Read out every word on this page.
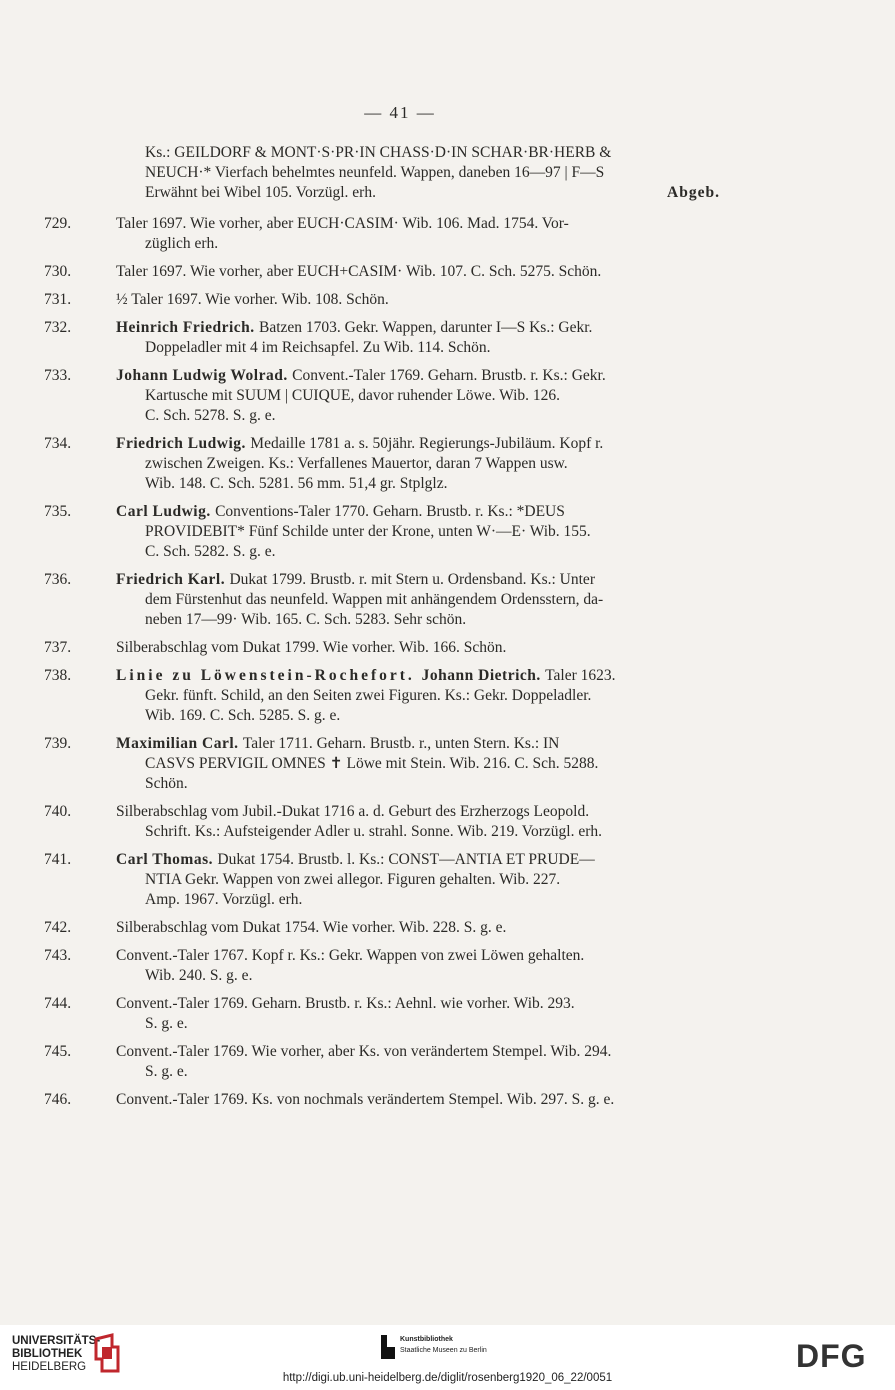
— 41 —
Ks.: GEILDORF & MONT·S·PR·IN CHASS·D·IN SCHAR·BR·HERB &
NEUCH·* Vierfach behelmtes neunfeld. Wappen, daneben 16—97 | F—S
Abgeb.
Erwähnt bei Wibel 105. Vorzügl. erh.
729.	Taler 1697. Wie vorher, aber EUCH·CASIM· Wib. 106. Mad. 1754. Vor-
züglich erh.
730.	Taler 1697. Wie vorher, aber EUCH+CASIM· Wib. 107. C. Sch. 5275. Schön.
731.	½ Taler 1697. Wie vorher. Wib. 108. Schön.
732.	Heinrich Friedrich. Batzen 1703. Gekr. Wappen, darunter I—S Ks.: Gekr.
Doppeladler mit 4 im Reichsapfel. Zu Wib. 114. Schön.
733.	Johann Ludwig Wolrad. Convent.-Taler 1769. Geharn. Brustb. r. Ks.: Gekr.
Kartusche mit SUUM | CUIQUE, davor ruhender Löwe. Wib. 126.
C. Sch. 5278. S. g. e.
734.	Friedrich Ludwig. Medaille 1781 a. s. 50jähr. Regierungs-Jubiläum. Kopf r.
zwischen Zweigen. Ks.: Verfallenes Mauertor, daran 7 Wappen usw.
Wib. 148. C. Sch. 5281. 56 mm. 51,4 gr. Stplglz.
735.	Carl Ludwig. Conventions-Taler 1770. Geharn. Brustb. r. Ks.: *DEUS
PROVIDEBIT* Fünf Schilde unter der Krone, unten W·—E· Wib. 155.
C. Sch. 5282. S. g. e.
736.	Friedrich Karl. Dukat 1799. Brustb. r. mit Stern u. Ordensband. Ks.: Unter
dem Fürstenhut das neunfeld. Wappen mit anhängendem Ordensstern, da-
neben 17—99· Wib. 165. C. Sch. 5283. Sehr schön.
737.	Silberabschlag vom Dukat 1799. Wie vorher. Wib. 166. Schön.
738.	Linie zu Löwenstein-Rochefort. Johann Dietrich. Taler 1623.
Gekr. fünft. Schild, an den Seiten zwei Figuren. Ks.: Gekr. Doppeladler.
Wib. 169. C. Sch. 5285. S. g. e.
739.	Maximilian Carl. Taler 1711. Geharn. Brustb. r., unten Stern. Ks.: IN
CASVS PERVIGIL OMNES ✝ Löwe mit Stein. Wib. 216. C. Sch. 5288.
Schön.
740.	Silberabschlag vom Jubil.-Dukat 1716 a. d. Geburt des Erzherzogs Leopold.
Schrift. Ks.: Aufsteigender Adler u. strahl. Sonne. Wib. 219. Vorzügl. erh.
741.	Carl Thomas. Dukat 1754. Brustb. l. Ks.: CONST—ANTIA ET PRUDE—
NTIA Gekr. Wappen von zwei allegor. Figuren gehalten. Wib. 227.
Amp. 1967. Vorzügl. erh.
742.	Silberabschlag vom Dukat 1754. Wie vorher. Wib. 228. S. g. e.
743.	Convent.-Taler 1767. Kopf r. Ks.: Gekr. Wappen von zwei Löwen gehalten.
Wib. 240. S. g. e.
744.	Convent.-Taler 1769. Geharn. Brustb. r. Ks.: Aehnl. wie vorher. Wib. 293.
S. g. e.
745.	Convent.-Taler 1769. Wie vorher, aber Ks. von verändertem Stempel. Wib. 294.
S. g. e.
746.	Convent.-Taler 1769. Ks. von nochmals verändertem Stempel. Wib. 297. S. g. e.
UNIVERSITÄTS-
BIBLIOTHEK
HEIDELBERG
Kunstbibliothek
Staatliche Museen zu Berlin	DFG
http://digi.ub.uni-heidelberg.de/diglit/rosenberg1920_06_22/0051
